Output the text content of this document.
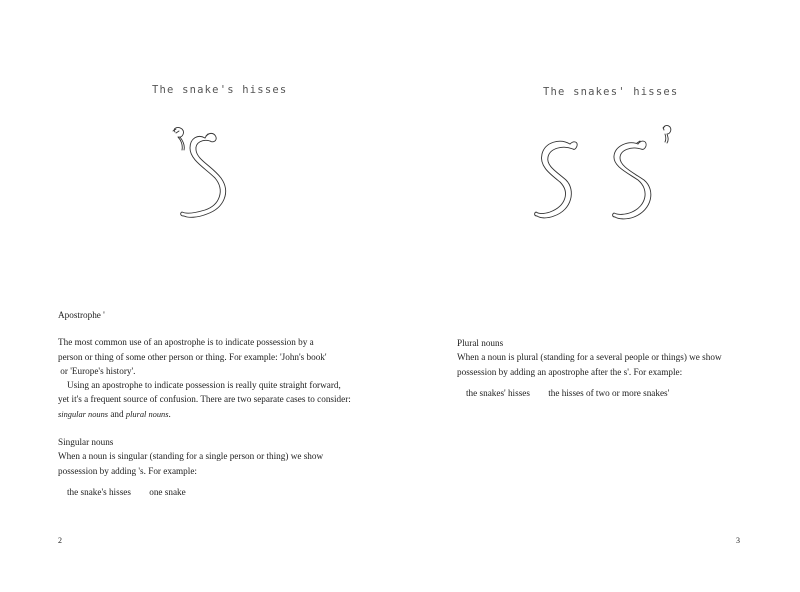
The snake's hisses

Apostrophe '

The most common use of an apostrophe is to indicate possession by a

person or thing of some other person or thing. For example: 'John's book'

or 'Europe's history'.

Using an apostrophe to indicate possession is really quite straight forward,

yet it's a frequent source of confusion. There are two separate cases to consider:

singular nouns and plural nouns.

Singular nouns

When a noun is singular (standing for a single person or thing) we show

possession by adding 's. For example:

the snake's hisses one snake

2
The snakes' hisses

Plural nouns

When a noun is plural (standing for a several people or things) we show

possession by adding an apostrophe after the s'. For example:

the snakes' hisses the hisses of two or more snakes'

3
